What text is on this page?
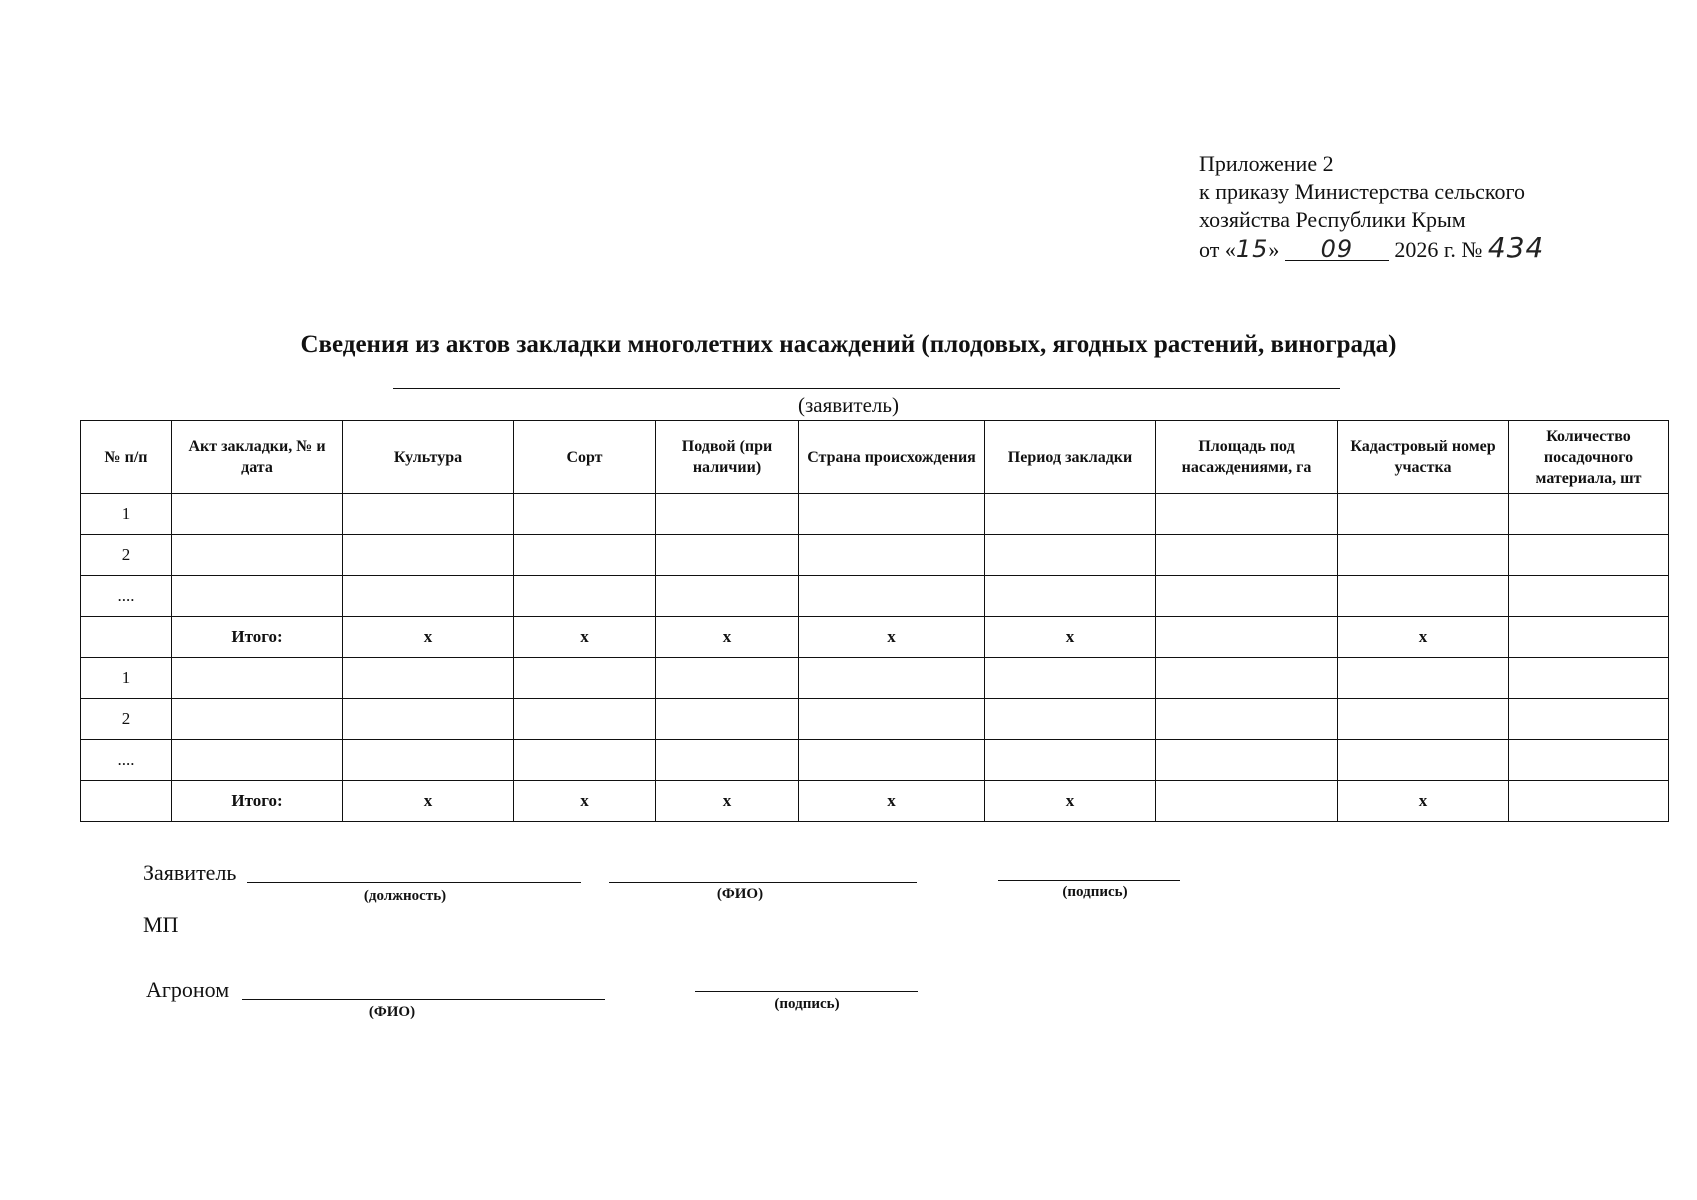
Приложение 2
к приказу Министерства сельского
хозяйства Республики Крым
от «15» 09 2026 г. № 434
Сведения из актов закладки многолетних насаждений (плодовых, ягодных растений, винограда)
(заявитель)
№ п/п	Акт закладки, № и дата	Культура	Сорт	Подвой (при наличии)	Страна происхождения	Период закладки	Площадь под насаждениями, га	Кадастровый номер участка	Количество посадочного материала, шт
1									
2									
....									
	Итого:	х	х	х	х	х		х	
1									
2									
....									
	Итого:	х	х	х	х	х		х	
Заявитель
(должность)	(ФИО)	(подпись)
МП
Агроном
(ФИО)	(подпись)
